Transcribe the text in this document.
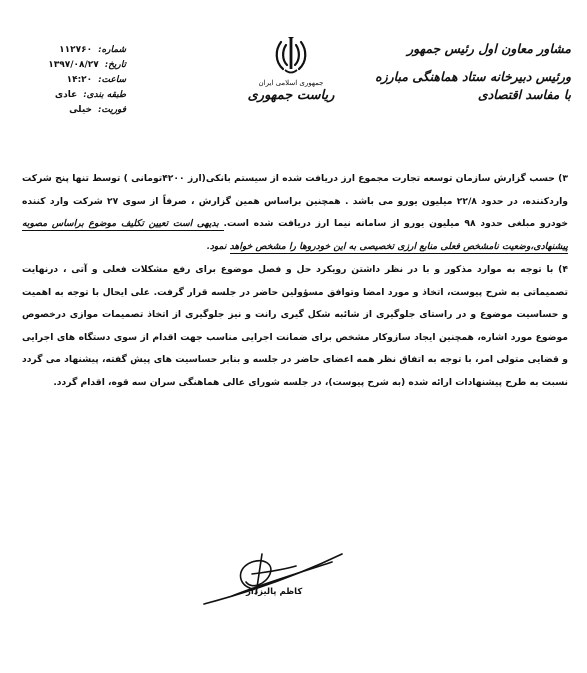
مشاور معاون اول رئیس جمهور
ورئیس دبیرخانه ستاد هماهنگی مبارزه با مفاسد اقتصادی
جمهوری اسلامی ایران
ریاست جمهوری
شماره:
۱۱۲۷۶۰
تاریخ:
۱۳۹۷/۰۸/۲۷
ساعت:
۱۴:۲۰
طبقه بندی:
عادی
فوریت:
خیلی

۳) حسب گزارش سازمان توسعه تجارت مجموع ارز دریافت شده از سیستم بانکی(ارز ۴۲۰۰تومانی ) توسط تنها پنج شرکت واردکننده، در حدود ۲۲/۸ میلیون یورو می باشد . همچنین براساس همین گزارش ، صرفاً از سوی ۲۷ شرکت وارد کننده خودرو مبلغی حدود ۹۸ میلیون یورو از سامانه نیما ارز دریافت شده است. بدیهی است تعیین تکلیف موضوع براساس مصوبه پیشنهادی،وضعیت نامشخص فعلی منابع ارزی تخصیصی به این خودروها را مشخص خواهد نمود.

۴) با توجه به موارد مذکور و با در نظر داشتن رویکرد حل و فصل موضوع برای رفع مشکلات فعلی و آتی ، درنهایت تصمیماتی به شرح پیوست، اتخاذ و مورد امضا وتوافق مسؤولین حاضر در جلسه قرار گرفت. علی ایحال با توجه به اهمیت و حساسیت موضوع و در راستای جلوگیری از شائبه شکل گیری رانت و نیز جلوگیری از اتخاذ تصمیمات موازی درخصوص موضوع مورد اشاره، همچنین ایجاد سازوکار مشخص برای ضمانت اجرایی مناسب جهت اقدام از سوی دستگاه های اجرایی و قضایی متولی امر، با توجه به اتفاق نظر همه اعضای حاضر در جلسه و بنابر حساسیت های پیش گفته، پیشنهاد می گردد نسبت به طرح پیشنهادات ارائه شده (به شرح پیوست)، در جلسه شورای عالی هماهنگی سران سه قوه، اقدام گردد.

کاظم پالیزدار
